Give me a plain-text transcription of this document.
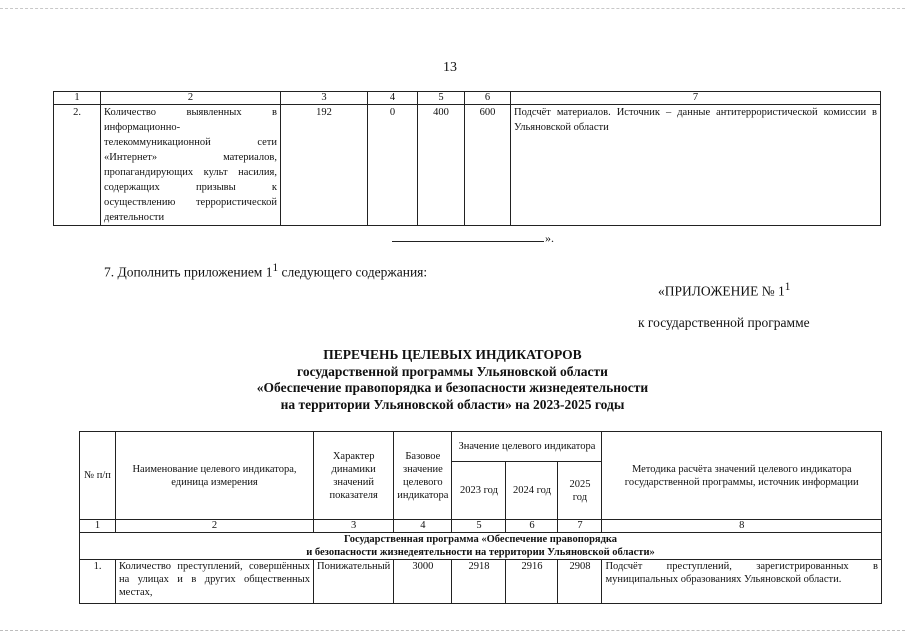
13
1	2	3	4	5	6	7
2.	Количество выявленных в информационно-телекоммуникационной сети «Интернет» материалов, пропагандирующих культ насилия, содержащих призывы к осуществлению террористической деятельности	192	0	400	600	Подсчёт материалов. Источник – данные антитеррористической комиссии в Ульяновской области
».
7. Дополнить приложением $1^1$ следующего содержания:
«ПРИЛОЖЕНИЕ № $1^1$
к государственной программе
ПЕРЕЧЕНЬ ЦЕЛЕВЫХ ИНДИКАТОРОВ
государственной программы Ульяновской области
«Обеспечение правопорядка и безопасности жизнедеятельности
на территории Ульяновской области» на 2023-2025 годы
№ п/п	Наименование целевого индикатора, единица измерения	Характер динамики значений показателя	Базовое значение целевого индикатора	Значение целевого индикатора			Методика расчёта значений целевого индикатора государственной программы, источник информации
				2023 год	2024 год	2025 год	
1	2	3	4	5	6	7	8

Государственная программа «Обеспечение правопорядка
и безопасности жизнедеятельности на территории Ульяновской области»							

1.	Количество преступлений, совершённых на улицах и в других общественных местах,	Понижательный	3000	2918	2916	2908	Подсчёт преступлений, зарегистрированных в муниципальных образованиях Ульяновской области.
